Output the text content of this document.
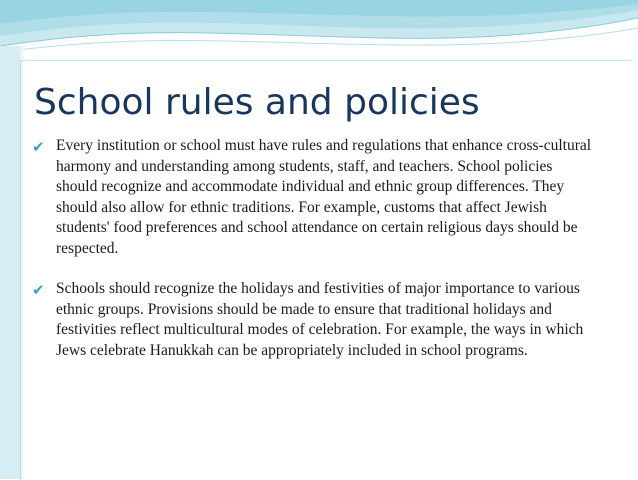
School rules and policies
✔ Every institution or school must have rules and regulations that enhance cross-cultural harmony and understanding among students, staff, and teachers. School policies should recognize and accommodate individual and ethnic group differences. They should also allow for ethnic traditions. For example, customs that affect Jewish students' food preferences and school attendance on certain religious days should be respected.
✔ Schools should recognize the holidays and festivities of major importance to various ethnic groups. Provisions should be made to ensure that traditional holidays and festivities reflect multicultural modes of celebration. For example, the ways in which Jews celebrate Hanukkah can be appropriately included in school programs.
